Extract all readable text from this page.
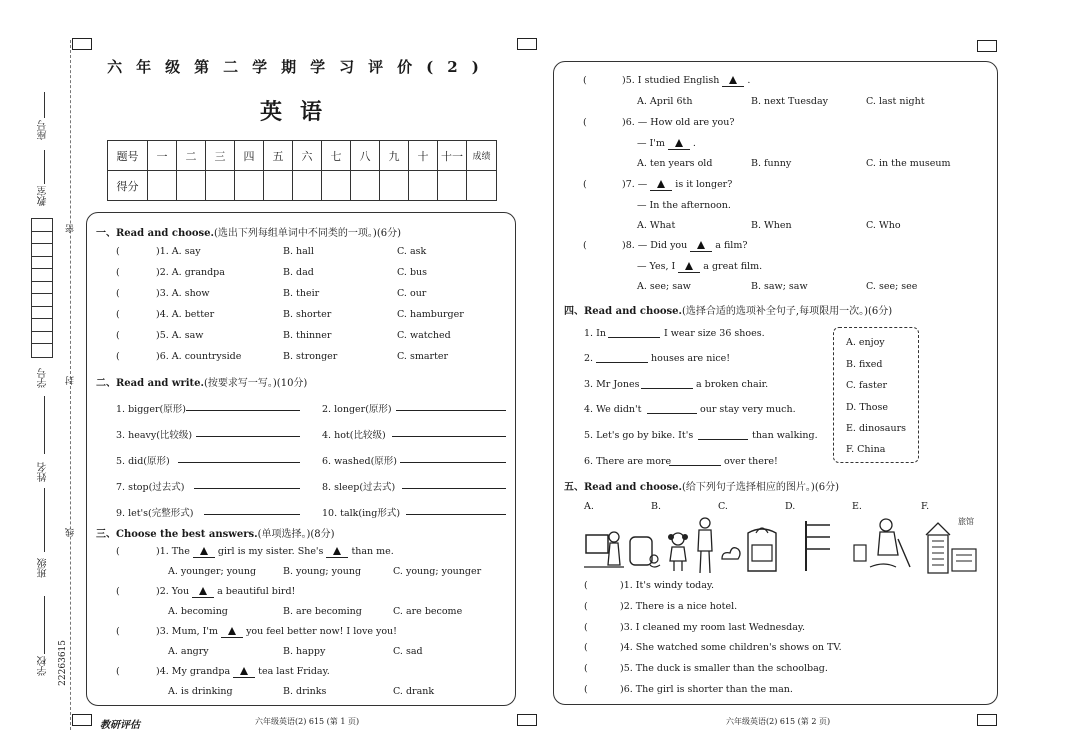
座号
教室
密
学号 封
姓名
线
班级
学校 22263615
六年级第二学期学习评价(2)
英语
题号	一	二	三	四	五	六	七	八	九	十	十一	成绩
得分												
一、Read and choose.(选出下列每组单词中不同类的一项。)(6分)
(	)1. A. say	B. hall	C. ask
(	)2. A. grandpa	B. dad	C. bus
(	)3. A. show	B. their	C. our
(	)4. A. better	B. shorter	C. hamburger
(	)5. A. saw	B. thinner	C. watched
(	)6. A. countryside	B. stronger	C. smarter
二、Read and write.(按要求写一写。)(10分)
1. bigger(原形)	2. longer(原形)
3. heavy(比较级)	4. hot(比较级)
5. did(原形)	6. washed(原形)
7. stop(过去式)	8. sleep(过去式)
9. let's(完整形式)	10. talk(ing形式)
三、Choose the best answers.(单项选择。)(8分)
(	)1. The	girl is my sister. She's	than me.
A. younger; young	B. young; young	C. young; younger
(	)2. You	a beautiful bird!
A. becoming	B. are becoming	C. are become
(	)3. Mum, I'm	you feel better now! I love you!
A. angry	B. happy	C. sad
(	)4. My grandpa	tea last Friday.
A. is drinking	B. drinks	C. drank
教研评估	六年级英语(2) 615 (第 1 页)
(	)5. I studied English	.
A. April 6th	B. next Tuesday	C. last night
(	)6. — How old are you?
— I'm	.
A. ten years old	B. funny	C. in the museum
(	)7. —	is it longer?
— In the afternoon.
A. What	B. When	C. Who
(	)8. — Did you	a film?
— Yes, I	a great film.
A. see; saw	B. saw; saw	C. see; see
四、Read and choose.(选择合适的选项补全句子,每项限用一次。)(6分)
1. In	I wear size 36 shoes.
2.	houses are nice!
3. Mr Jones	a broken chair.
4. We didn't	our stay very much.
5. Let's go by bike. It's	than walking.
6. There are more	over there!
A. enjoy
B. fixed
C. faster
D. Those
E. dinosaurs
F. China
五、Read and choose.(给下列句子选择相应的图片。)(6分)
A.	B.	C.	D.	E.	F.
旅馆
(	)1. It's windy today.
(	)2. There is a nice hotel.
(	)3. I cleaned my room last Wednesday.
(	)4. She watched some children's shows on TV.
(	)5. The duck is smaller than the schoolbag.
(	)6. The girl is shorter than the man.
六年级英语(2) 615 (第 2 页)
